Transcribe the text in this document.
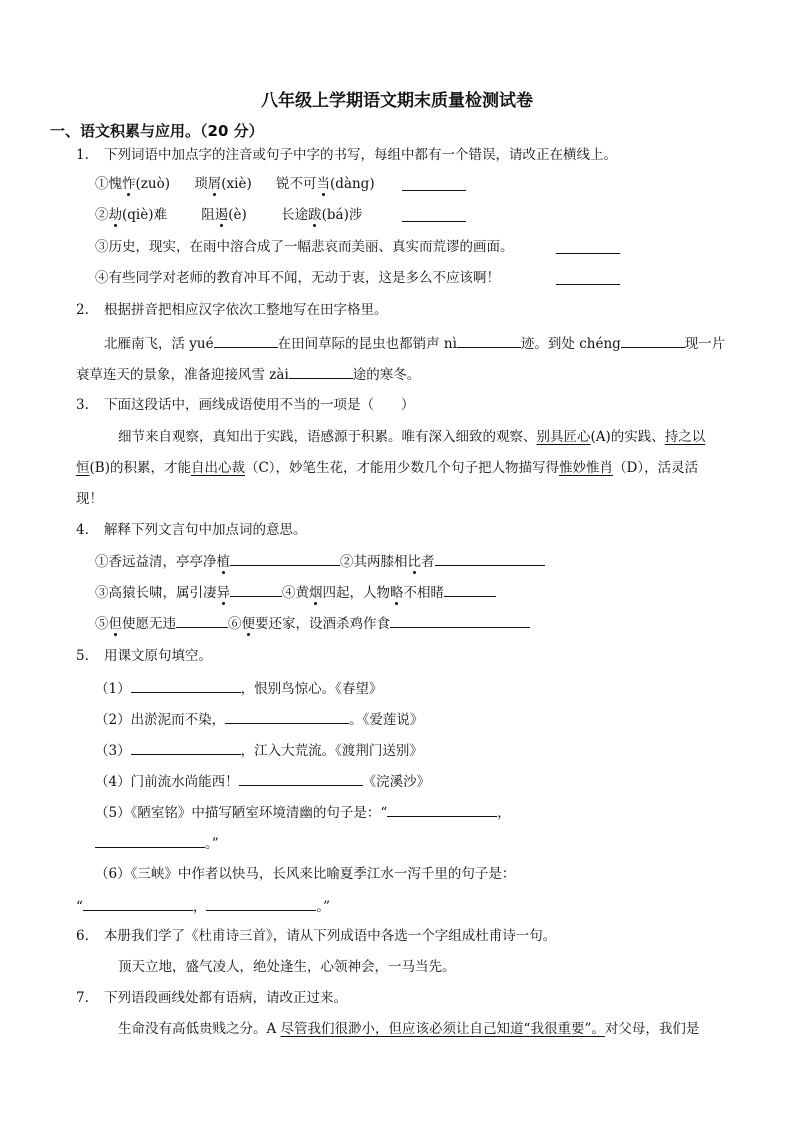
八年级上学期语文期末质量检测试卷
一、语文积累与应用。（20 分）
1. 下列词语中加点字的注音或句子中字的书写，每组中都有一个错误，请改正在横线上。
①愧怍(zuò) 琐屑(xiè) 锐不可当(dàng)
②劫(qiè)难	阻遏(è)	长途跋(bá)涉
③历史，现实，在雨中溶合成了一幅悲哀而美丽、真实而荒谬的画面。
④有些同学对老师的教育冲耳不闻，无动于衷，这是多么不应该啊！
2. 根据拼音把相应汉字依次工整地写在田字格里。
北雁南飞，活 yué	在田间草际的昆虫也都销声 nì	迹。到处 chéng	现一片
衰草连天的景象，准备迎接风雪 zài	途的寒冬。
3. 下面这段话中，画线成语使用不当的一项是（　　）
细节来自观察，真知出于实践，语感源于积累。唯有深入细致的观察、别具匠心(A)的实践、持之以
恒(B)的积累，才能自出心裁（C），妙笔生花，才能用少数几个句子把人物描写得惟妙惟肖（D），活灵活
现！
4. 解释下列文言句中加点词的意思。
①香远益清，亭亭净植	②其两膝相比者
③高猿长啸，属引凄异	④黄烟四起，人物略不相睹
⑤但使愿无违	⑥便要还家，设酒杀鸡作食
5. 用课文原句填空。
（1）	，恨别鸟惊心。《春望》
（2）出淤泥而不染，	。《爱莲说》
（3）	，江入大荒流。《渡荆门送别》
（4）门前流水尚能西！	《浣溪沙》
（5）《陋室铭》中描写陋室环境清幽的句子是：“	，
。”
（6）《三峡》中作者以快马，长风来比喻夏季江水一泻千里的句子是：
“	，	。”
6. 本册我们学了《杜甫诗三首》，请从下列成语中各选一个字组成杜甫诗一句。
顶天立地，盛气凌人，绝处逢生，心领神会，一马当先。
7. 下列语段画线处都有语病，请改正过来。
生命没有高低贵贱之分。A 尽管我们很渺小，但应该必须让自己知道“我很重要”。对父母，我们是
